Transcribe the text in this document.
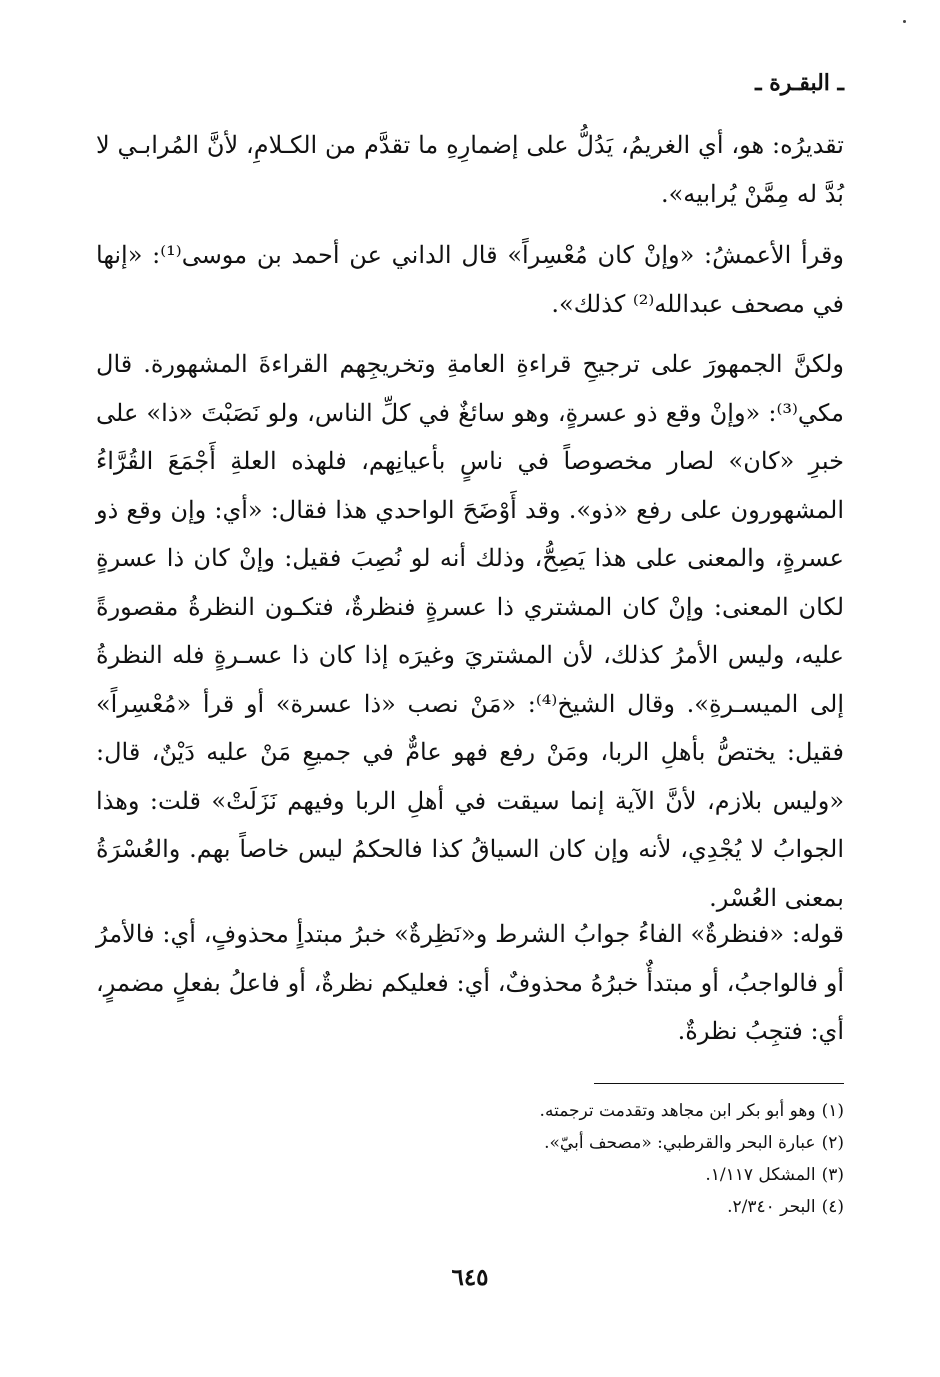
ـ البقـرة ـ

تقديرُه: هو، أي الغريمُ، يَدُلُّ على إضمارِهِ ما تقدَّم من الكـلامِ، لأنَّ المُرابـي لا بُدَّ له مِمَّنْ يُرابيه».

وقرأ الأعمشُ: «وإنْ كان مُعْسِراً» قال الداني عن أحمد بن موسى⁽¹⁾: «إنها في مصحف عبدالله⁽²⁾ كذلك».

ولكنَّ الجمهورَ على ترجيحِ قراءةِ العامةِ وتخريجِهم القراءةَ المشهورة. قال مكي⁽³⁾: «وإنْ وقع ذو عسرةٍ، وهو سائغٌ في كلِّ الناس، ولو نَصَبْتَ «ذا» على خبرِ «كان» لصار مخصوصاً في ناسٍ بأعيانِهم، فلهذه العلةِ أَجْمَعَ القُرَّاءُ المشهورون على رفع «ذو». وقد أَوْضَحَ الواحدي هذا فقال: «أي: وإن وقع ذو عسرةٍ، والمعنى على هذا يَصِحُّ، وذلك أنه لو نُصِبَ فقيل: وإنْ كان ذا عسرةٍ لكان المعنى: وإنْ كان المشتري ذا عسرةٍ فنظرةٌ، فتكـون النظرةُ مقصورةً عليه، وليس الأمرُ كذلك، لأن المشتريَ وغيرَه إذا كان ذا عسـرةٍ فله النظرةُ إلى الميسـرةِ». وقال الشيخ⁽⁴⁾: «مَنْ نصب «ذا عسرة» أو قرأ «مُعْسِراً» فقيل: يختصُّ بأهلِ الربا، ومَنْ رفع فهو عامٌّ في جميعِ مَنْ عليه دَيْنٌ، قال: «وليس بلازم، لأنَّ الآية إنما سيقت في أهلِ الربا وفيهم نَزَلَتْ» قلت: وهذا الجوابُ لا يُجْدِي، لأنه وإن كان السياقُ كذا فالحكمُ ليس خاصاً بهم. والعُسْرَةُ بمعنى العُسْر.

قوله: «فنظرةٌ» الفاءُ جوابُ الشرط و«نَظِرةٌ» خبرُ مبتدأٍ محذوفٍ، أي: فالأمرُ أو فالواجبُ، أو مبتدأٌ خبرُهُ محذوفٌ، أي: فعليكم نظرةٌ، أو فاعلُ بفعلٍ مضمرٍ، أي: فتجِبُ نظرةٌ.

(١)وهو أبو بكر ابن مجاهد وتقدمت ترجمته.

(٢)عبارة البحر والقرطبي: «مصحف أبيّ».

(٣)المشكل ١/١١٧.

(٤)البحر ٢/٣٤٠.

٦٤٥
